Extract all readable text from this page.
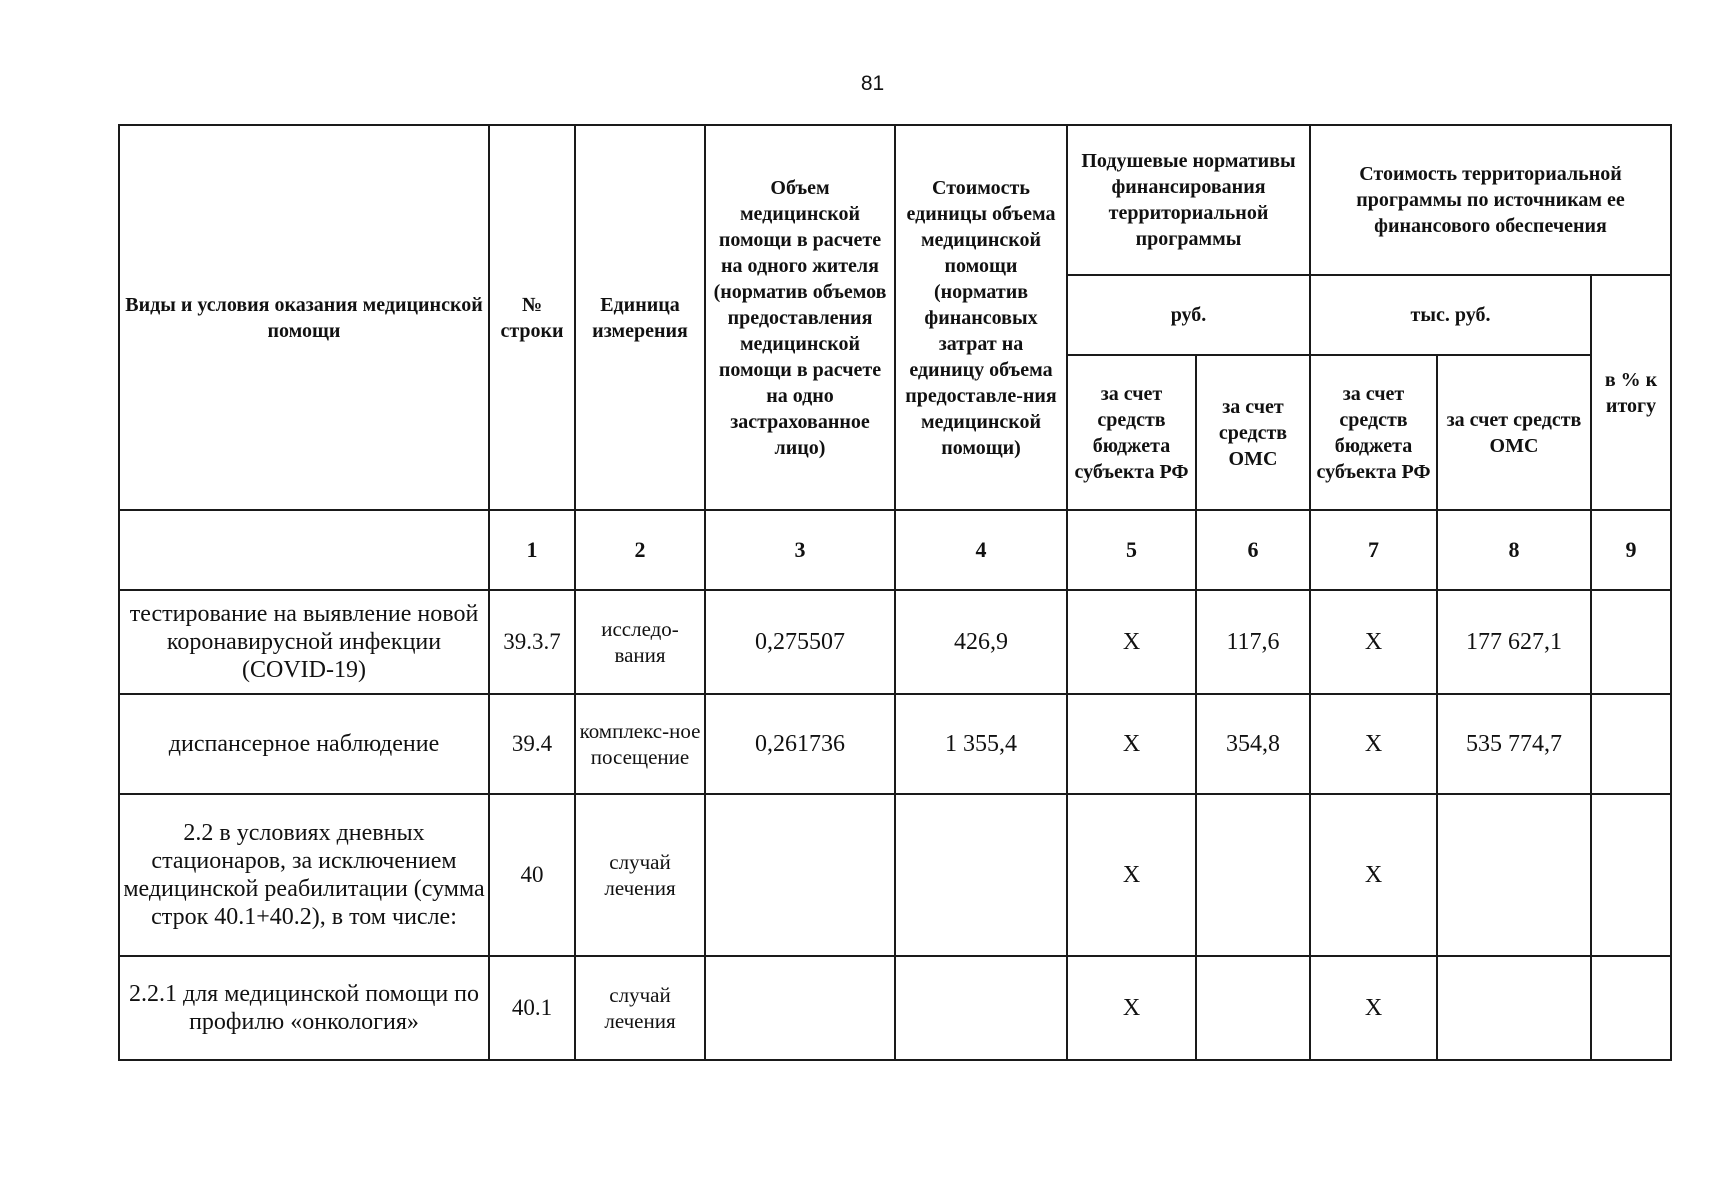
81
Виды и условия оказания медицинской помощи	№ строки	Единица измерения	Объем медицинской помощи в расчете на одного жителя (норматив объемов предоставления медицинской помощи в расчете на одно застрахованное лицо)	Стоимость единицы объема медицинской помощи (норматив финансовых затрат на единицу объема предоставле-ния медицинской помощи)	Подушевые нормативы финансирования территориальной программы		Стоимость территориальной программы по источникам ее финансового обеспечения		
					руб.		тыс. руб.		в % к итогу
					за счет средств бюджета субъекта РФ	за счет средств ОМС	за счет средств бюджета субъекта РФ	за счет средств ОМС	
	1	2	3	4	5	6	7	8	9
тестирование на выявление новой коронавирусной инфекции (COVID-19)	39.3.7	исследо-вания	0,275507	426,9	Х	117,6	Х	177 627,1	
диспансерное наблюдение	39.4	комплекс-ное посещение	0,261736	1 355,4	Х	354,8	Х	535 774,7	
2.2 в условиях дневных стационаров, за исключением медицинской реабилитации (сумма строк 40.1+40.2), в том числе:	40	случай лечения			Х		Х		
2.2.1 для медицинской помощи по профилю «онкология»	40.1	случай лечения			Х		Х		
